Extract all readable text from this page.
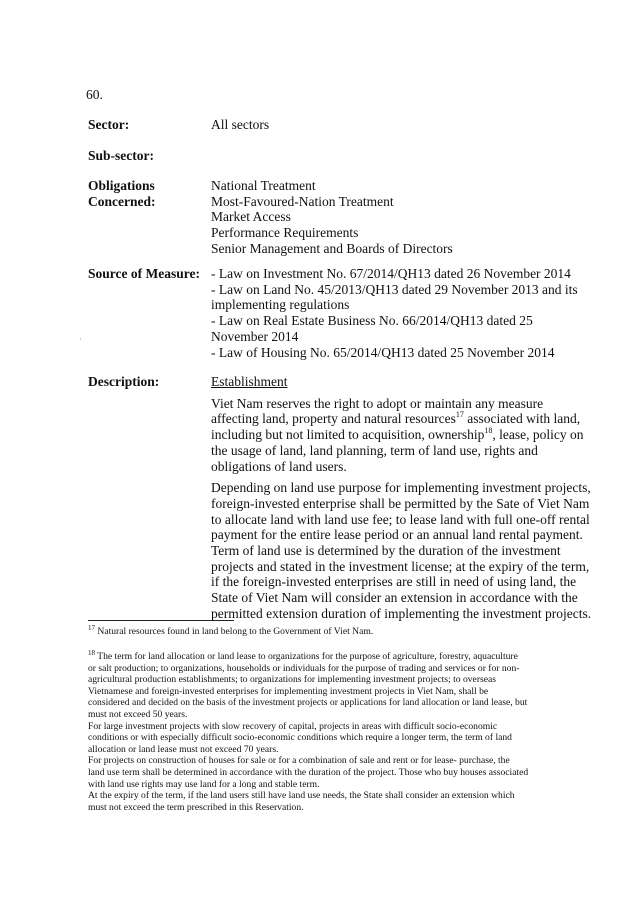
60.
Sector:	All sectors
Sub-sector:
Obligations
Concerned:
National Treatment
Most-Favoured-Nation Treatment
Market Access
Performance Requirements
Senior Management and Boards of Directors
Source of Measure: - Law on Investment No. 67/2014/QH13 dated 26 November 2014
- Law on Land No. 45/2013/QH13 dated 29 November 2013 and its
implementing regulations
- Law on Real Estate Business No. 66/2014/QH13 dated 25
November 2014
- Law of Housing No. 65/2014/QH13 dated 25 November 2014
·
Description:	Establishment
Viet Nam reserves the right to adopt or maintain any measure
affecting land, property and natural resources$^{17}$ associated with land,
including but not limited to acquisition, ownership$^{18}$, lease, policy on
the usage of land, land planning, term of land use, rights and
obligations of land users.
Depending on land use purpose for implementing investment projects,
foreign-invested enterprise shall be permitted by the Sate of Viet Nam
to allocate land with land use fee; to lease land with full one-off rental
payment for the entire lease period or an annual land rental payment.
Term of land use is determined by the duration of the investment
projects and stated in the investment license; at the expiry of the term,
if the foreign-invested enterprises are still in need of using land, the
State of Viet Nam will consider an extension in accordance with the
permitted extension duration of implementing the investment projects.
$^{17}$ Natural resources found in land belong to the Government of Viet Nam.
$^{18}$ The term for land allocation or land lease to organizations for the purpose of agriculture, forestry, aquaculture
or salt production; to organizations, households or individuals for the purpose of trading and services or for non-
agricultural production establishments; to organizations for implementing investment projects; to overseas
Vietnamese and foreign-invested enterprises for implementing investment projects in Viet Nam, shall be
considered and decided on the basis of the investment projects or applications for land allocation or land lease, but
must not exceed 50 years.
For large investment projects with slow recovery of capital, projects in areas with difficult socio-economic
conditions or with especially difficult socio-economic conditions which require a longer term, the term of land
allocation or land lease must not exceed 70 years.
For projects on construction of houses for sale or for a combination of sale and rent or for lease- purchase, the
land use term shall be determined in accordance with the duration of the project. Those who buy houses associated
with land use rights may use land for a long and stable term.
At the expiry of the term, if the land users still have land use needs, the State shall consider an extension which
must not exceed the term prescribed in this Reservation.
